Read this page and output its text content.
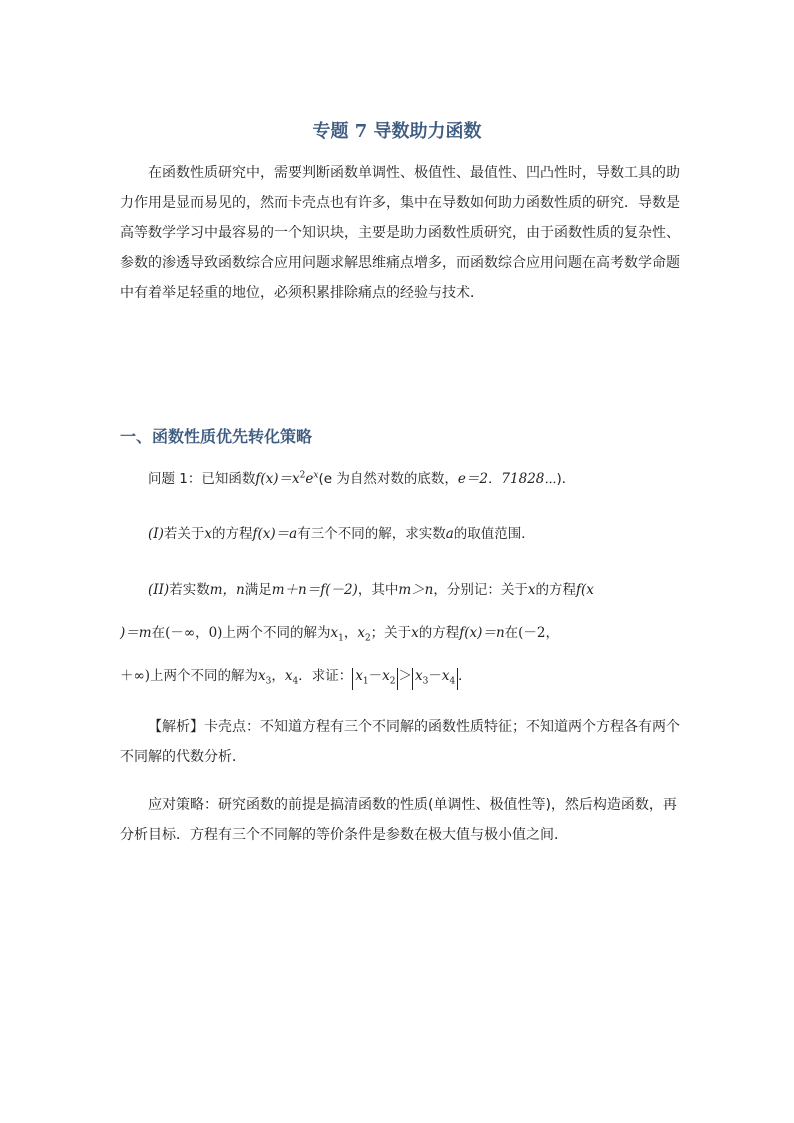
专题 7 导数助力函数

在函数性质研究中，需要判断函数单调性、极值性、最值性、凹凸性时，导数工具的助力作用是显而易见的，然而卡壳点也有许多，集中在导数如何助力函数性质的研究．导数是高等数学学习中最容易的一个知识块，主要是助力函数性质研究，由于函数性质的复杂性、参数的渗透导致函数综合应用问题求解思维痛点增多，而函数综合应用问题在高考数学命题中有着举足轻重的地位，必须积累排除痛点的经验与技术．

一、函数性质优先转化策略
问题 1：已知函数$f(x)=x^2e^x(e$ 为自然对数的底数，e＝2．71828⋯)．
(I)若关于x的方程f(x)＝a有三个不同的解，求实数a的取值范围．
(II)若实数m，n满足m＋n＝f(－2)，其中m＞n，分别记：关于x的方程f(x
)＝m在(－∞，0)上两个不同的解为$x_1$，$x_2$；关于x的方程f(x)＝n在(－2，
＋∞)上两个不同的解为$x_3$，$x_4$．求证： $x_1-x_2 > x_3-x_4$ ．

【解析】卡壳点：不知道方程有三个不同解的函数性质特征；不知道两个方程各有两个不同解的代数分析．

应对策略：研究函数的前提是搞清函数的性质(单调性、极值性等)，然后构造函数，再分析目标．方程有三个不同解的等价条件是参数在极大值与极小值之间．
